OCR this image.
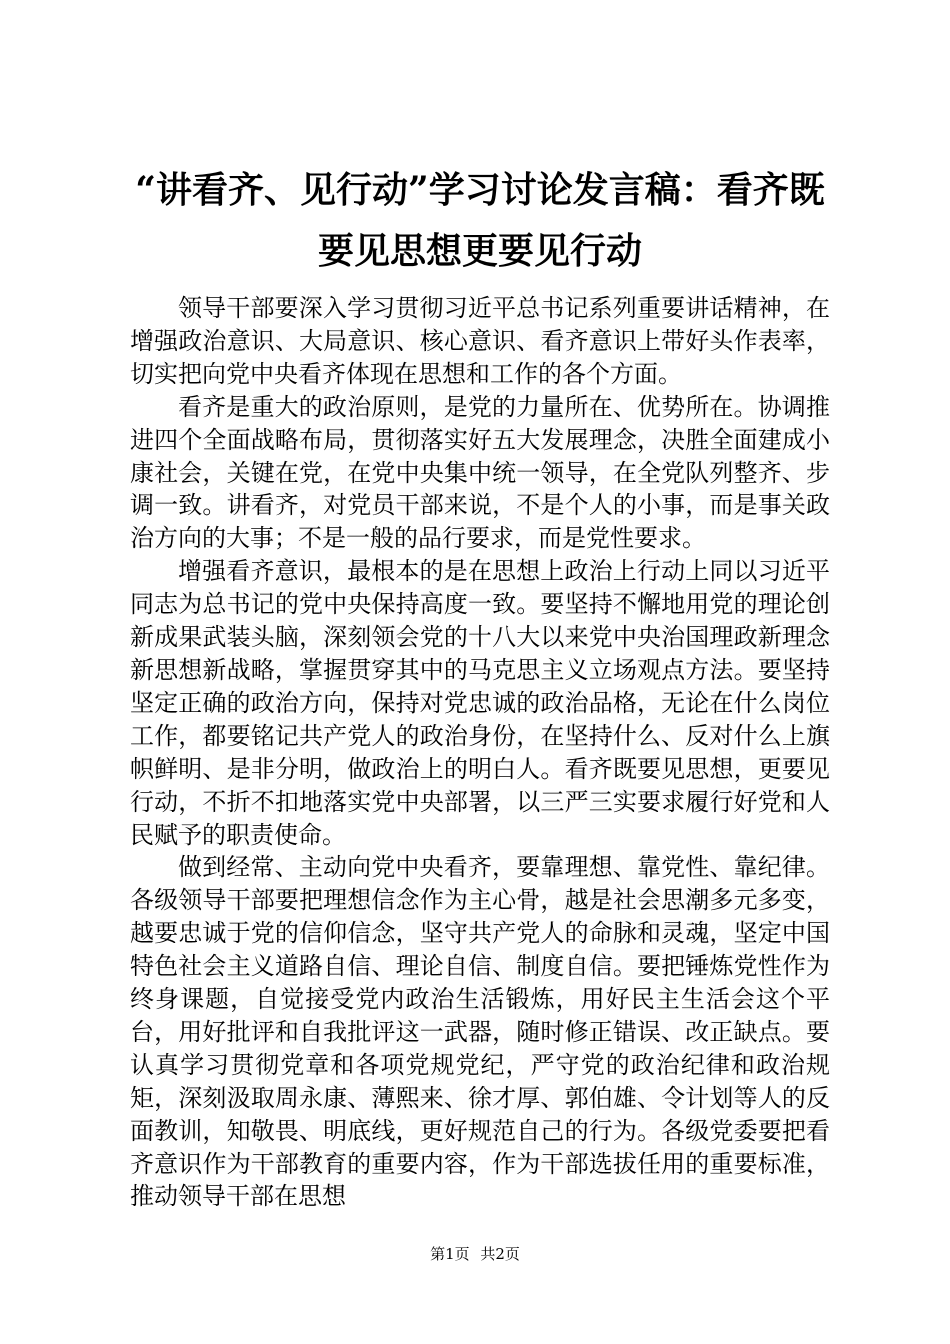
“讲看齐、见行动”学习讨论发言稿：看齐既
要见思想更要见行动

领导干部要深入学习贯彻习近平总书记系列重要讲话精神，在增强政治意识、大局意识、核心意识、看齐意识上带好头作表率，切实把向党中央看齐体现在思想和工作的各个方面。

看齐是重大的政治原则，是党的力量所在、优势所在。协调推进四个全面战略布局，贯彻落实好五大发展理念，决胜全面建成小康社会，关键在党，在党中央集中统一领导，在全党队列整齐、步调一致。讲看齐，对党员干部来说，不是个人的小事，而是事关政治方向的大事；不是一般的品行要求，而是党性要求。

增强看齐意识，最根本的是在思想上政治上行动上同以习近平同志为总书记的党中央保持高度一致。要坚持不懈地用党的理论创新成果武装头脑，深刻领会党的十八大以来党中央治国理政新理念新思想新战略，掌握贯穿其中的马克思主义立场观点方法。要坚持坚定正确的政治方向，保持对党忠诚的政治品格，无论在什么岗位工作，都要铭记共产党人的政治身份，在坚持什么、反对什么上旗帜鲜明、是非分明，做政治上的明白人。看齐既要见思想，更要见行动，不折不扣地落实党中央部署，以三严三实要求履行好党和人民赋予的职责使命。

做到经常、主动向党中央看齐，要靠理想、靠党性、靠纪律。各级领导干部要把理想信念作为主心骨，越是社会思潮多元多变，越要忠诚于党的信仰信念，坚守共产党人的命脉和灵魂，坚定中国特色社会主义道路自信、理论自信、制度自信。要把锤炼党性作为终身课题，自觉接受党内政治生活锻炼，用好民主生活会这个平台，用好批评和自我批评这一武器，随时修正错误、改正缺点。要认真学习贯彻党章和各项党规党纪，严守党的政治纪律和政治规矩，深刻汲取周永康、薄熙来、徐才厚、郭伯雄、令计划等人的反面教训，知敬畏、明底线，更好规范自己的行为。各级党委要把看齐意识作为干部教育的重要内容，作为干部选拔任用的重要标准，推动领导干部在思想

第1页 共2页
